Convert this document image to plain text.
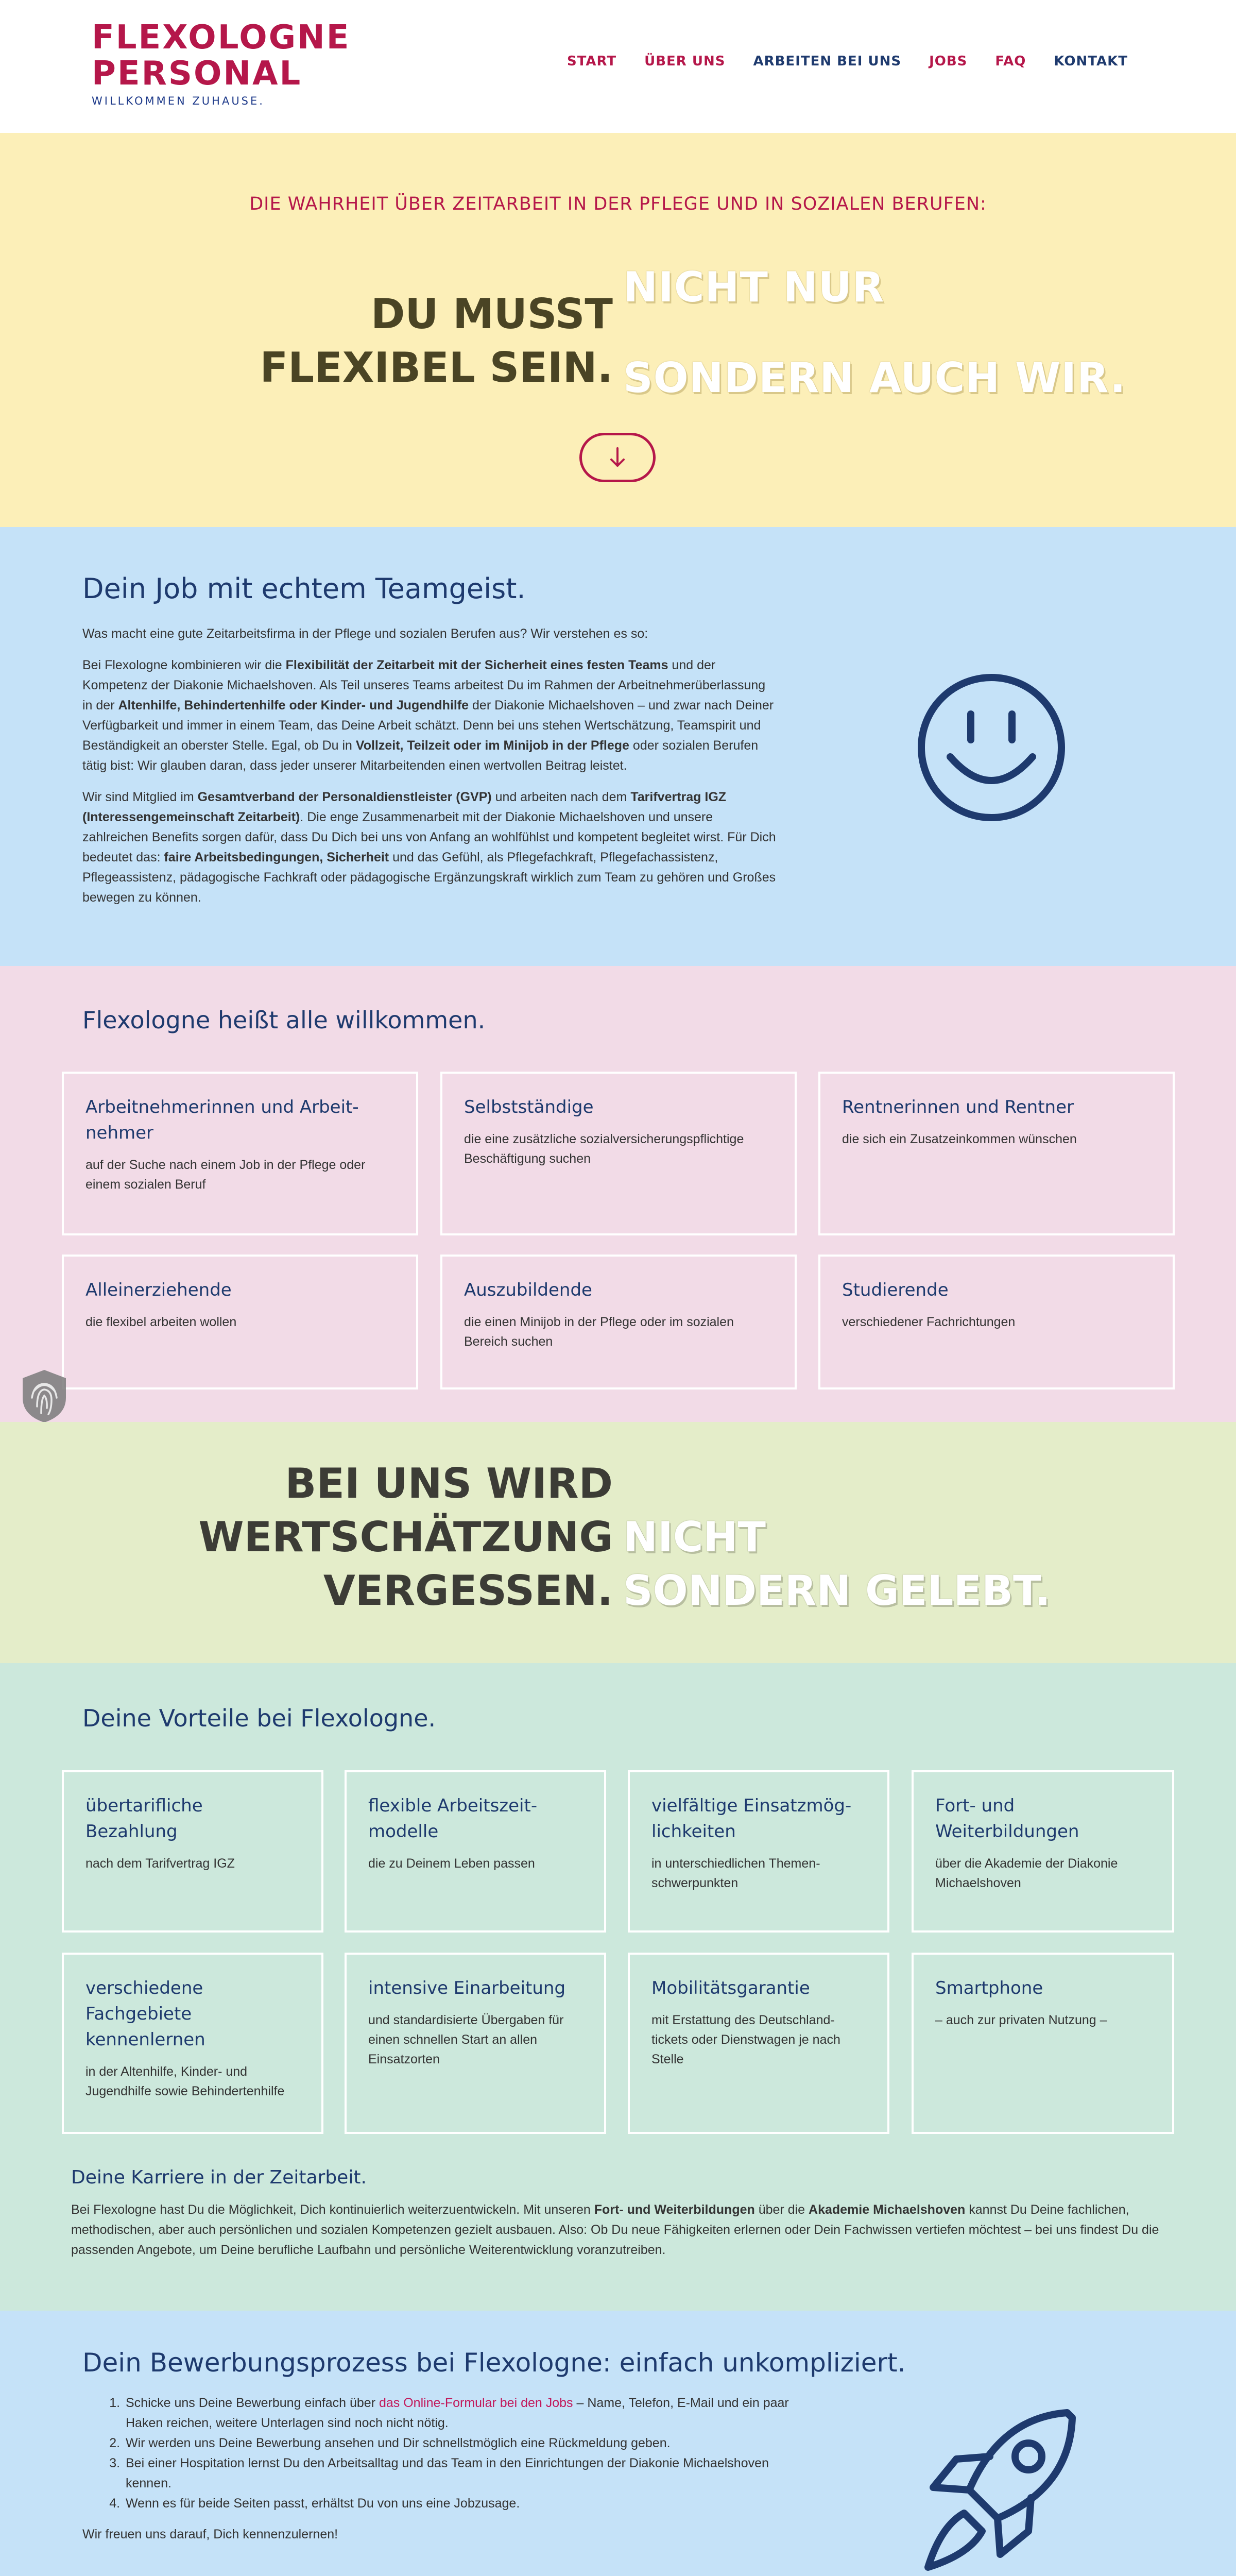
FLEXOLOGNE
PERSONAL
WILLKOMMEN ZUHAUSE.
START ÜBER UNS ARBEITEN BEI UNS JOBS FAQ KONTAKT
DIE WAHRHEIT ÜBER ZEITARBEIT IN DER PFLEGE UND IN SOZIALEN BERUFEN:
DU MUSST
FLEXIBEL SEIN.
NICHT NUR
SONDERN AUCH WIR.
Dein Job mit echtem Teamgeist.

Was macht eine gute Zeitarbeitsfirma in der Pflege und sozialen Berufen aus? Wir verstehen es so:

Bei Flexologne kombinieren wir die Flexibilität der Zeitarbeit mit der Sicherheit eines festen Teams und der Kompetenz der Diakonie Michaelshoven. Als Teil unseres Teams arbeitest Du im Rahmen der Arbeitnehmerüberlassung in der Altenhilfe, Behindertenhilfe oder Kinder- und Jugendhilfe der Diakonie Michaelshoven – und zwar nach Deiner Verfügbarkeit und immer in einem Team, das Deine Arbeit schätzt. Denn bei uns stehen Wertschätzung, Teamspirit und Beständigkeit an oberster Stelle. Egal, ob Du in Vollzeit, Teilzeit oder im Minijob in der Pflege oder sozialen Berufen tätig bist: Wir glauben daran, dass jeder unserer Mitarbeitenden einen wertvollen Beitrag leistet.

Wir sind Mitglied im Gesamtverband der Personaldienstleister (GVP) und arbeiten nach dem Tarifvertrag IGZ (Interessengemeinschaft Zeitarbeit). Die enge Zusammenarbeit mit der Diakonie Michaelshoven und unsere zahlreichen Benefits sorgen dafür, dass Du Dich bei uns von Anfang an wohlfühlst und kompetent begleitet wirst. Für Dich bedeutet das: faire Arbeitsbedingungen, Sicherheit und das Gefühl, als Pflegefachkraft, Pflegefachassistenz, Pflegeassistenz, pädagogische Fachkraft oder pädagogische Ergänzungskraft wirklich zum Team zu gehören und Großes bewegen zu können.

Flexologne heißt alle willkommen.
Arbeitnehmerinnen und Arbeitnehmer
auf der Suche nach einem Job in der Pflege oder einem sozialen Beruf
Selbstständige
die eine zusätzliche sozialversicherungspflichtige Beschäftigung suchen
Rentnerinnen und Rentner
die sich ein Zusatzeinkommen wünschen
Alleinerziehende
die flexibel arbeiten wollen
Auszubildende
die einen Minijob in der Pflege oder im sozialen Bereich suchen
Studierende
verschiedener Fachrichtungen
BEI UNS WIRD
WERTSCHÄTZUNG
VERGESSEN.
NICHT
SONDERN GELEBT.
Deine Vorteile bei Flexologne.
übertarifliche Bezahlung
nach dem Tarifvertrag IGZ
flexible Arbeitszeitmodelle
die zu Deinem Leben passen
vielfältige Einsatzmöglichkeiten
in unterschiedlichen Themenschwerpunkten
Fort- und Weiterbildungen
über die Akademie der Diakonie Michaelshoven
verschiedene Fachgebiete kennenlernen
in der Altenhilfe, Kinder- und Jugendhilfe sowie Behindertenhilfe
intensive Einarbeitung
und standardisierte Übergaben für einen schnellen Start an allen Einsatzorten
Mobilitätsgarantie
mit Erstattung des Deutschlandtickets oder Dienstwagen je nach Stelle
Smartphone
– auch zur privaten Nutzung –
Deine Karriere in der Zeitarbeit.
Bei Flexologne hast Du die Möglichkeit, Dich kontinuierlich weiterzuentwickeln. Mit unseren Fort- und Weiterbildungen über die Akademie Michaelshoven kannst Du Deine fachlichen, methodischen, aber auch persönlichen und sozialen Kompetenzen gezielt ausbauen. Also: Ob Du neue Fähigkeiten erlernen oder Dein Fachwissen vertiefen möchtest – bei uns findest Du die passenden Angebote, um Deine berufliche Laufbahn und persönliche Weiterentwicklung voranzutreiben.
Dein Bewerbungsprozess bei Flexologne: einfach unkompliziert.
1. Schicke uns Deine Bewerbung einfach über das Online-Formular bei den Jobs – Name, Telefon, E-Mail und ein paar Haken reichen, weitere Unterlagen sind noch nicht nötig.
2. Wir werden uns Deine Bewerbung ansehen und Dir schnellstmöglich eine Rückmeldung geben.
3. Bei einer Hospitation lernst Du den Arbeitsalltag und das Team in den Einrichtungen der Diakonie Michaelshoven kennen.
4. Wenn es für beide Seiten passt, erhältst Du von uns eine Jobzusage.
Wir freuen uns darauf, Dich kennenzulernen!
